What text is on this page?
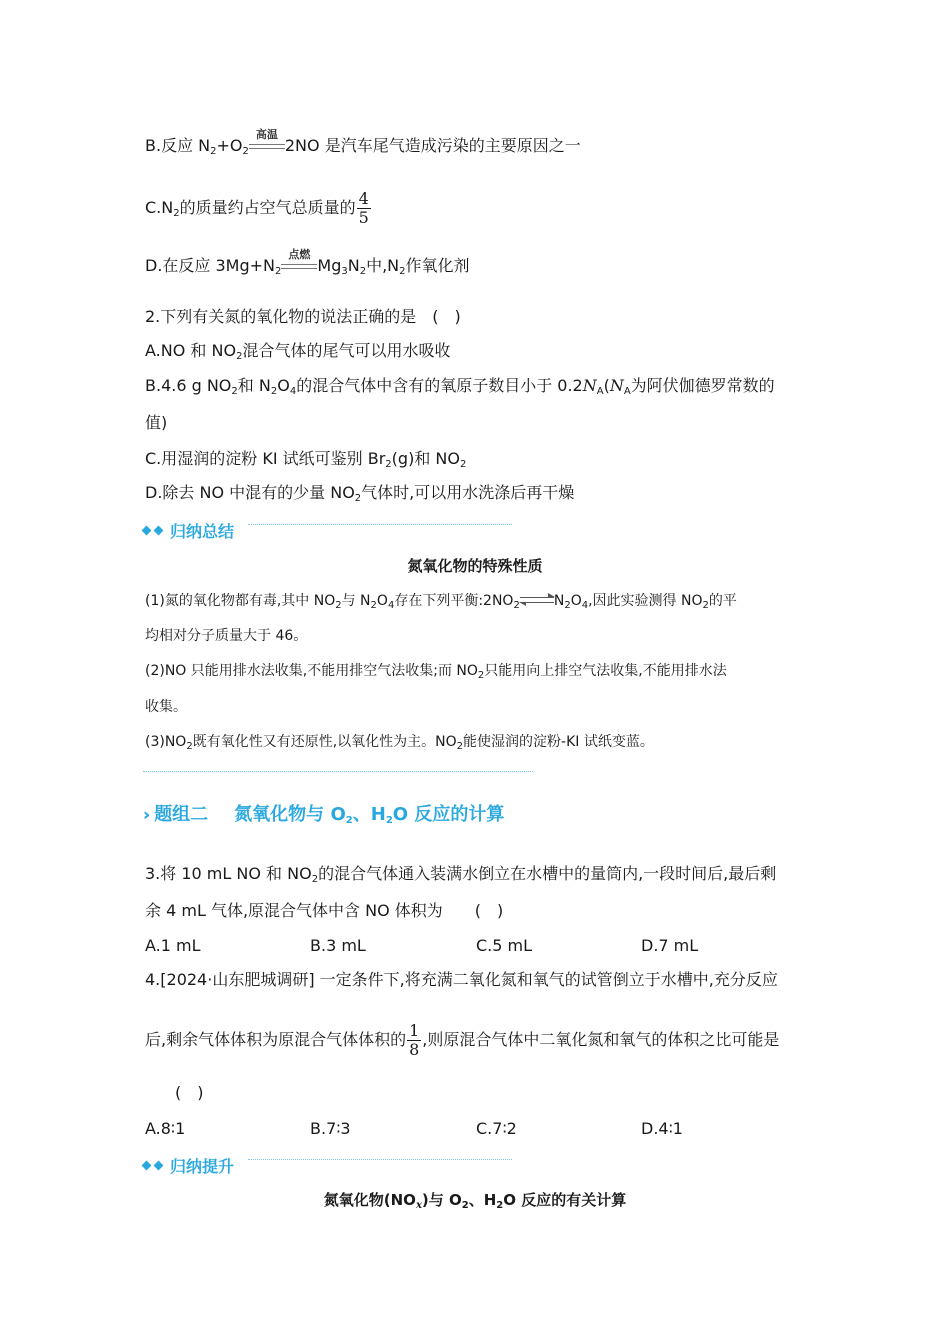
B.反应 $N_2+O_2$
高温
2NO 是汽车尾气造成污染的主要原因之一
$C.N_2$的质量约占空气总质量的 $\frac{4}{5}$
D.在反应 $3Mg+N_2$
点燃
$Mg_3N_2$中$,N_2$作氧化剂
2.下列有关氮的氧化物的说法正确的是　(　)
A.NO 和 $NO_2$混合气体的尾气可以用水吸收
B.4.6 g $NO_2$和 $N_2O_4$的混合气体中含有的氧原子数目小于 $0.2N_A(N_A$为阿伏伽德罗常数的
值)
C.用湿润的淀粉 KI 试纸可鉴别 $Br_2(g)$和 $NO_2$
D.除去 NO 中混有的少量 $NO_2$气体时,可以用水洗涤后再干燥
归纳总结
氮氧化物的特殊性质
(1)氮的氧化物都有毒,其中 $NO_2$与 $N_2O_4$存在下列平衡$:2NO_2$ $N_2O_4$,因此实验测得 $NO_2$的平
均相对分子质量大于 46。
(2)NO 只能用排水法收集,不能用排空气法收集;而 $NO_2$只能用向上排空气法收集,不能用排水法
收集。
$(3)NO_2$既有氧化性又有还原性,以氧化性为主。$NO_2$能使湿润的淀粉-KI 试纸变蓝。
›› 题组二 氮氧化物与 $O_2$、$H_2O$ 反应的计算
3.将 10 mL NO 和 $NO_2$的混合气体通入装满水倒立在水槽中的量筒内,一段时间后,最后剩
余 4 mL 气体,原混合气体中含 NO 体积为　　(　)
A.1 mL	B.3 mL	C.5 mL	D.7 mL
4.[2024·山东肥城调研] 一定条件下,将充满二氧化氮和氧气的试管倒立于水槽中,充分反应
后,剩余气体体积为原混合气体体积的 $\frac{1}{8}$ ,则原混合气体中二氧化氮和氧气的体积之比可能是
(　)
A.8∶1	B.7∶3	C.7∶2	D.4∶1
归纳提升
氮氧化物$(NO_x)$与 $O_2$、$H_2O$ 反应的有关计算
